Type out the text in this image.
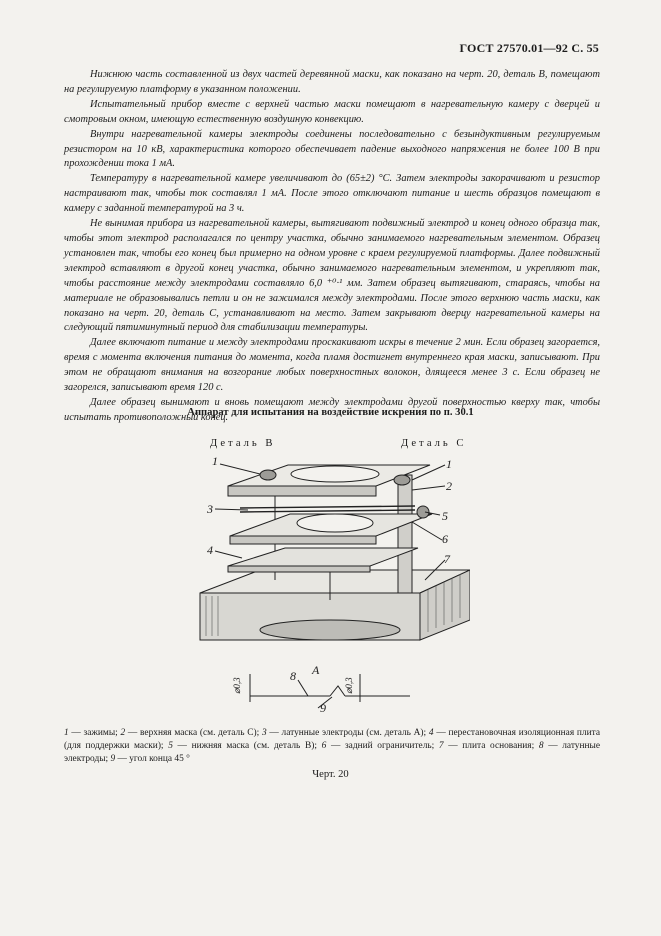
ГОСТ 27570.01—92 С. 55

Нижнюю часть составленной из двух частей деревянной маски, как показано на черт. 20, деталь В, помещают на регулируемую платформу в указанном положении.

Испытательный прибор вместе с верхней частью маски помещают в нагревательную камеру с дверцей и смотровым окном, имеющую естественную воздушную конвекцию.

Внутри нагревательной камеры электроды соединены последовательно с безындуктивным регулируемым резистором на 10 кВ, характеристика которого обеспечивает падение выходного напряжения не более 100 В при прохождении тока 1 мА.

Температуру в нагревательной камере увеличивают до (65±2) °С. Затем электроды закорачивают и резистор настраивают так, чтобы ток составлял 1 мА. После этого отключают питание и шесть образцов помещают в камеру с заданной температурой на 3 ч.

Не вынимая прибора из нагревательной камеры, вытягивают подвижный электрод и конец одного образца так, чтобы этот электрод располагался по центру участка, обычно занимаемого нагревательным элементом. Образец установлен так, чтобы его конец был примерно на одном уровне с краем регулируемой платформы. Далее подвижный электрод вставляют в другой конец участка, обычно занимаемого нагревательным элементом, и укрепляют так, чтобы расстояние между электродами составляло 6,0 ⁺⁰·¹ мм. Затем образец вытягивают, стараясь, чтобы на материале не образовывались петли и он не зажимался между электродами. После этого верхнюю часть маски, как показано на черт. 20, деталь С, устанавливают на место. Затем закрывают дверцу нагревательной камеры на следующий пятиминутный период для стабилизации температуры.

Далее включают питание и между электродами проскакивают искры в течение 2 мин. Если образец загорается, время с момента включения питания до момента, когда пламя достигнет внутреннего края маски, записывают. При этом не обращают внимания на возгорание любых поверхностных волокон, длящееся менее 3 с. Если образец не загорелся, записывают время 120 с.

Далее образец вынимают и вновь помещают между электродами другой поверхностью кверху так, чтобы испытать противоположный конец.

Аппарат для испытания на воздействие искрения по п. 30.1
Деталь В	Деталь С
1	1
2
3	5
6
4
7
А
8
9
⌀0,3	⌀0,3
1 — зажимы; 2 — верхняя маска (см. деталь С); 3 — латунные электроды (см. деталь А); 4 — перестановочная изоляционная плита (для поддержки маски); 5 — нижняя маска (см. деталь В); 6 — задний ограничитель; 7 — плита основания; 8 — латунные электроды; 9 — угол конца 45 °
Черт. 20
